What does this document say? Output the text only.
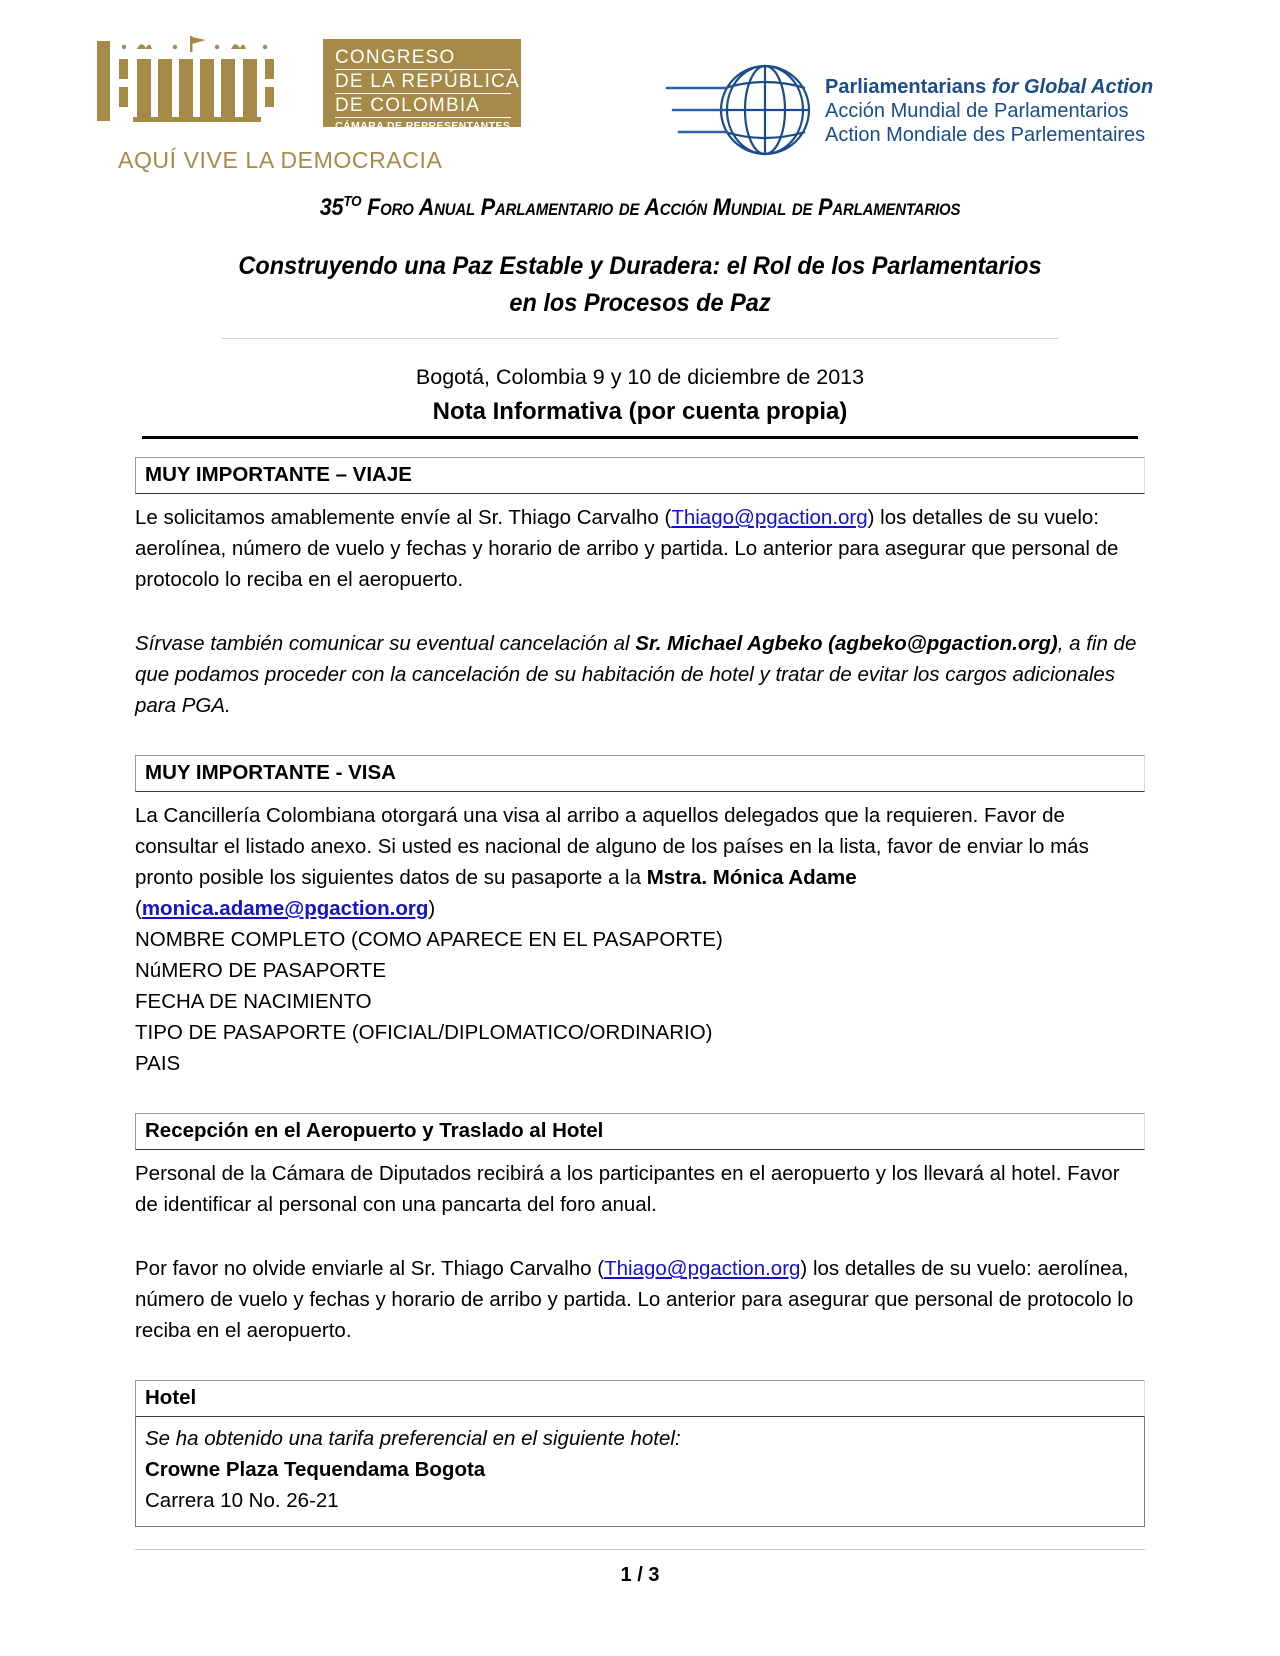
CONGRESO
DE LA REPÚBLICA
DE COLOMBIA
CÁMARA DE REPRESENTANTES
AQUÍ VIVE LA DEMOCRACIA
Parliamentarians for Global Action
Acción Mundial de Parlamentarios
Action Mondiale des Parlementaires
$35^{TO}$ Foro Anual Parlamentario de Acción Mundial de Parlamentarios
Construyendo una Paz Estable y Duradera: el Rol de los Parlamentarios
en los Procesos de Paz
Bogotá, Colombia 9 y 10 de diciembre de 2013
Nota Informativa (por cuenta propia)
MUY IMPORTANTE – VIAJE
Le solicitamos amablemente envíe al Sr. Thiago Carvalho (Thiago@pgaction.org) los detalles de su vuelo: aerolínea, número de vuelo y fechas y horario de arribo y partida. Lo anterior para asegurar que personal de protocolo lo reciba en el aeropuerto.
Sírvase también comunicar su eventual cancelación al Sr. Michael Agbeko (agbeko@pgaction.org), a fin de que podamos proceder con la cancelación de su habitación de hotel y tratar de evitar los cargos adicionales para PGA.
MUY IMPORTANTE - VISA
La Cancillería Colombiana otorgará una visa al arribo a aquellos delegados que la requieren. Favor de consultar el listado anexo. Si usted es nacional de alguno de los países en la lista, favor de enviar lo más pronto posible los siguientes datos de su pasaporte a la Mstra. Mónica Adame
(monica.adame@pgaction.org)
NOMBRE COMPLETO (COMO APARECE EN EL PASAPORTE)
NúMERO DE PASAPORTE
FECHA DE NACIMIENTO
TIPO DE PASAPORTE (OFICIAL/DIPLOMATICO/ORDINARIO)
PAIS
Recepción en el Aeropuerto y Traslado al Hotel
Personal de la Cámara de Diputados recibirá a los participantes en el aeropuerto y los llevará al hotel. Favor de identificar al personal con una pancarta del foro anual.
Por favor no olvide enviarle al Sr. Thiago Carvalho (Thiago@pgaction.org) los detalles de su vuelo: aerolínea, número de vuelo y fechas y horario de arribo y partida. Lo anterior para asegurar que personal de protocolo lo reciba en el aeropuerto.
Hotel
Se ha obtenido una tarifa preferencial en el siguiente hotel:
Crowne Plaza Tequendama Bogota
Carrera 10 No. 26-21
1 / 3
